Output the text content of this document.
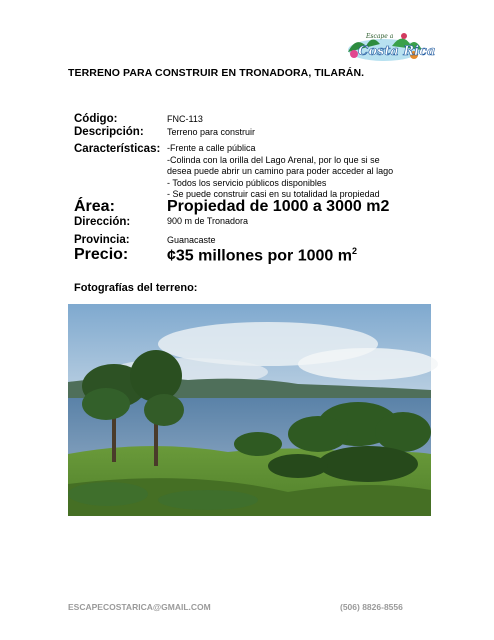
Escape a
Costa Rica
TERRENO PARA CONSTRUIR EN TRONADORA, TILARÁN.
Código:	FNC-113
Descripción:	Terreno para construir
Características: -Frente a calle pública
-Colinda con la orilla del Lago Arenal, por lo que si se
desea puede abrir un camino para poder acceder al lago
- Todos los servicio públicos disponibles
- Se puede construir casi en su totalidad la propiedad
Área:	Propiedad de 1000 a 3000 m2
Dirección:	900 m de Tronadora
Provincia:	Guanacaste
Precio: ¢35 millones por 1000 $m^2$
Fotografías del terreno:
ESCAPECOSTARICA@GMAIL.COM	(506) 8826-8556
